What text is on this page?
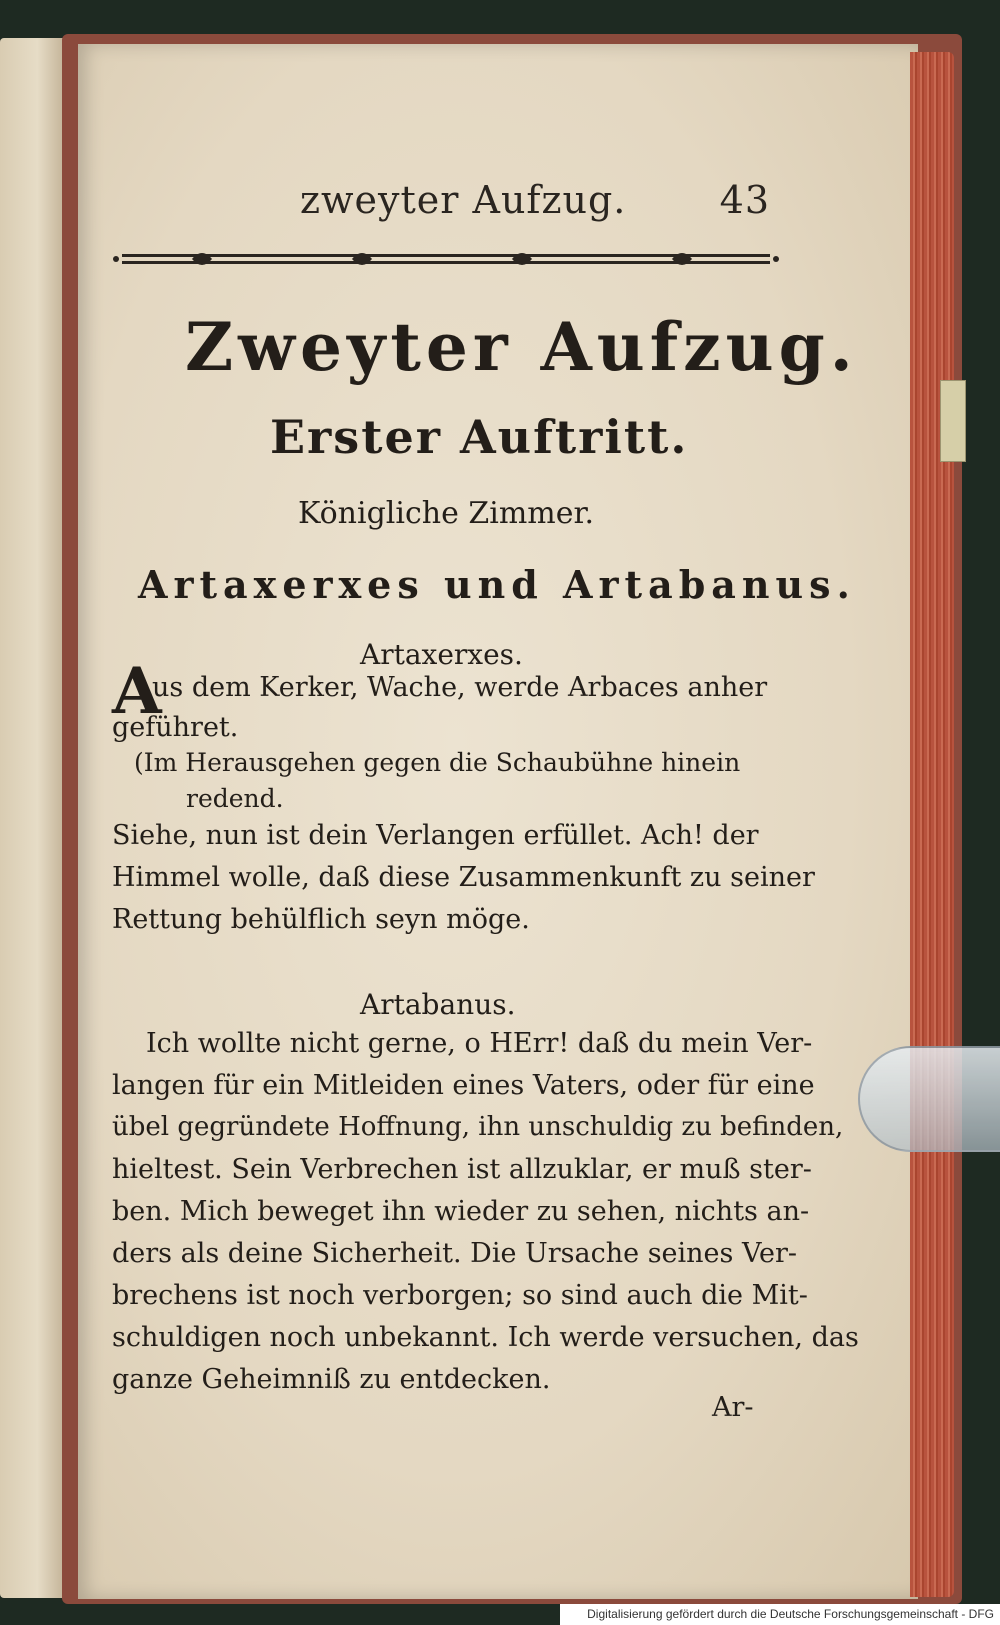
zweyter Aufzug. 43
Zweyter Aufzug.
Erster Auftritt.
Königliche Zimmer.
Artaxerxes und Artabanus.
Artaxerxes.
A
us dem Kerker, Wache, werde Arbaces anher
geführet.
(Im Herausgehen gegen die Schaubühne hinein
redend.
Siehe, nun ist dein Verlangen erfüllet. Ach! der
Himmel wolle, daß diese Zusammenkunft zu seiner
Rettung behülflich seyn möge.
Artabanus.
Ich wollte nicht gerne, o HErr! daß du mein Ver-
langen für ein Mitleiden eines Vaters, oder für eine
übel gegründete Hoffnung, ihn unschuldig zu befinden,
hieltest. Sein Verbrechen ist allzuklar, er muß ster-
ben. Mich beweget ihn wieder zu sehen, nichts an-
ders als deine Sicherheit. Die Ursache seines Ver-
brechens ist noch verborgen; so sind auch die Mit-
schuldigen noch unbekannt. Ich werde versuchen, das
ganze Geheimniß zu entdecken.
Ar-
Digitalisierung gefördert durch die Deutsche Forschungsgemeinschaft - DFG
